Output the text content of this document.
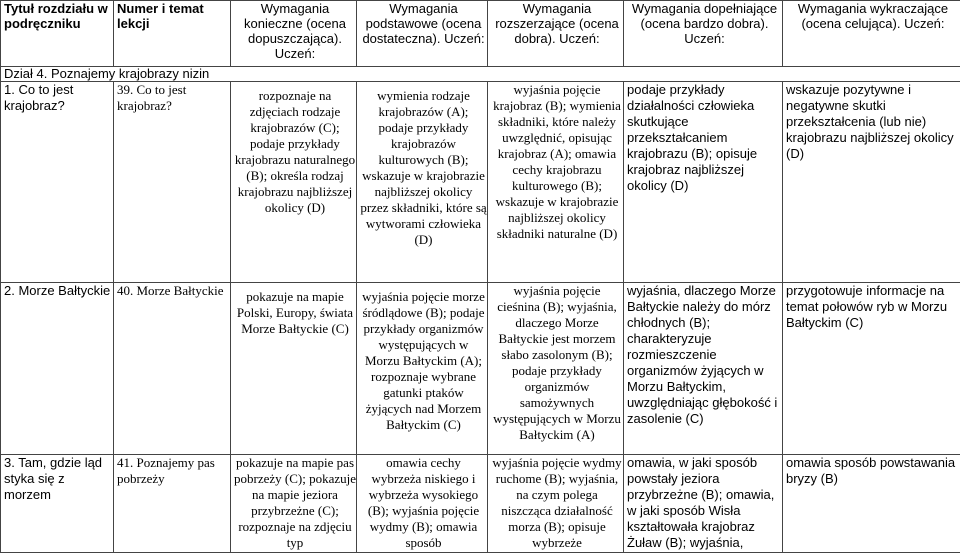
Tytuł rozdziału w podręczniku	Numer i temat lekcji	Wymagania konieczne (ocena dopuszczająca). Uczeń:	Wymagania podstawowe (ocena dostateczna). Uczeń:	Wymagania rozszerzające (ocena dobra). Uczeń:	Wymagania dopełniające (ocena bardzo dobra). Uczeń:	Wymagania wykraczające (ocena celująca). Uczeń:
Dział 4. Poznajemy krajobrazy nizin						
1. Co to jest krajobraz?	39. Co to jest krajobraz?	rozpoznaje na zdjęciach rodzaje krajobrazów (C); podaje przykłady krajobrazu naturalnego (B); określa rodzaj krajobrazu najbliższej okolicy (D)	wymienia rodzaje krajobrazów (A); podaje przykłady krajobrazów kulturowych (B); wskazuje w krajobrazie najbliższej okolicy przez składniki, które są wytworami człowieka (D)	wyjaśnia pojęcie krajobraz (B); wymienia składniki, które należy uwzględnić, opisując krajobraz (A); omawia cechy krajobrazu kulturowego (B); wskazuje w krajobrazie najbliższej okolicy składniki naturalne (D)	podaje przykłady działalności człowieka skutkujące przekształcaniem krajobrazu (B); opisuje krajobraz najbliższej okolicy (D)	wskazuje pozytywne i negatywne skutki przekształcenia (lub nie) krajobrazu najbliższej okolicy (D)
2. Morze Bałtyckie	40. Morze Bałtyckie	pokazuje na mapie Polski, Europy, świata Morze Bałtyckie (C)	wyjaśnia pojęcie morze śródlądowe (B); podaje przykłady organizmów występujących w Morzu Bałtyckim (A); rozpoznaje wybrane gatunki ptaków żyjących nad Morzem Bałtyckim (C)	wyjaśnia pojęcie cieśnina (B); wyjaśnia, dlaczego Morze Bałtyckie jest morzem słabo zasolonym (B); podaje przykłady organizmów samożywnych występujących w Morzu Bałtyckim (A)	wyjaśnia, dlaczego Morze Bałtyckie należy do mórz chłodnych (B); charakteryzuje rozmieszczenie organizmów żyjących w Morzu Bałtyckim, uwzględniając głębokość i zasolenie (C)	przygotowuje informacje na temat połowów ryb w Morzu Bałtyckim (C)
3. Tam, gdzie ląd styka się z morzem	41. Poznajemy pas pobrzeży	pokazuje na mapie pas pobrzeży (C); pokazuje na mapie jeziora przybrzeżne (C); rozpoznaje na zdjęciu typ	omawia cechy wybrzeża niskiego i wybrzeża wysokiego (B); wyjaśnia pojęcie wydmy (B); omawia sposób	wyjaśnia pojęcie wydmy ruchome (B); wyjaśnia, na czym polega niszcząca działalność morza (B); opisuje wybrzeże	omawia, w jaki sposób powstały jeziora przybrzeżne (B); omawia, w jaki sposób Wisła kształtowała krajobraz Żuław (B); wyjaśnia,	omawia sposób powstawania bryzy (B)
